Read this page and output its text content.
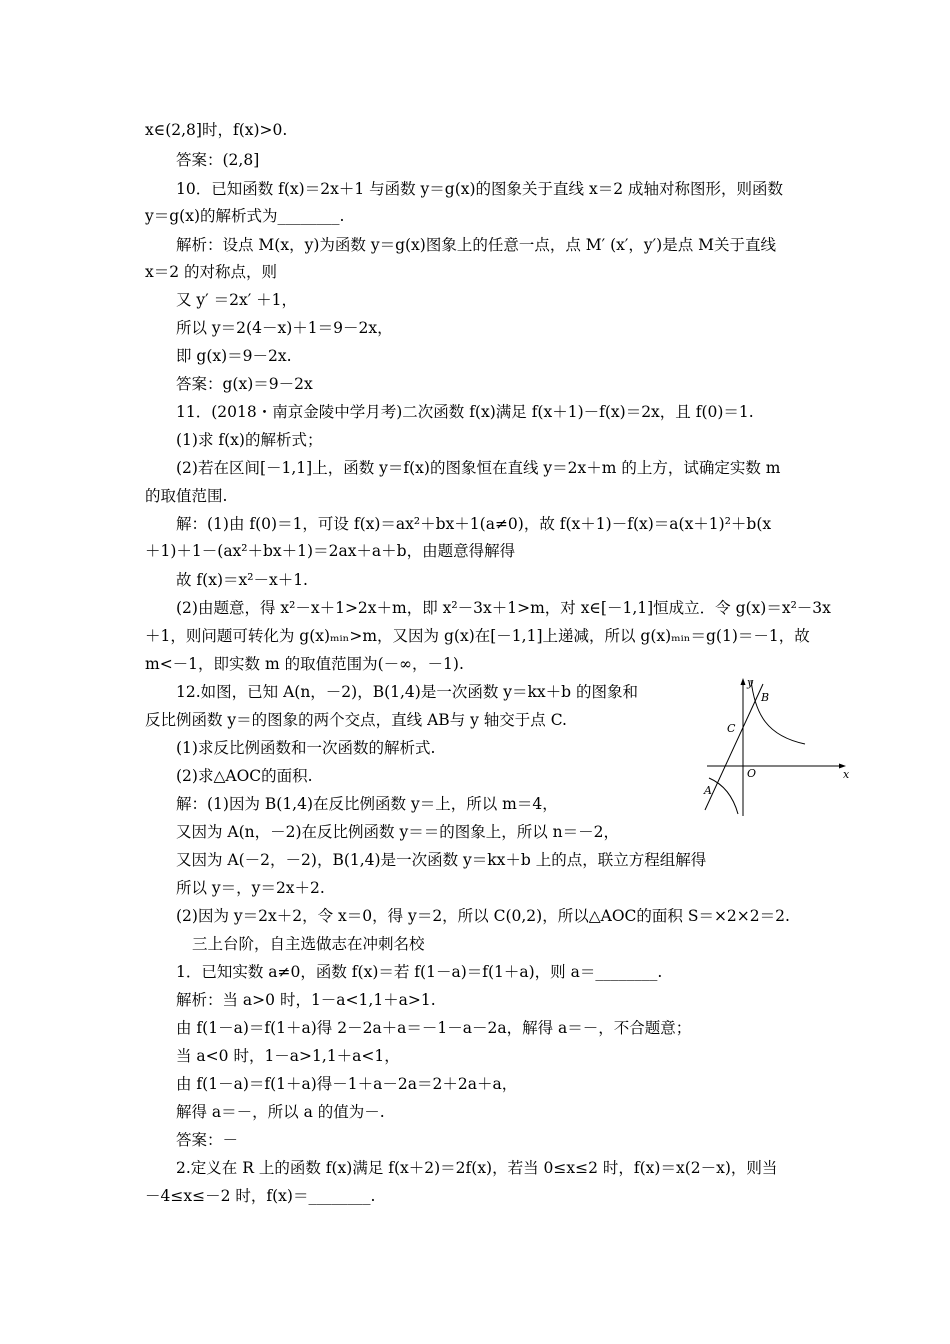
x∈(2,8]时，f(x)>0.
答案：(2,8]
10．已知函数 f(x)＝2x＋1 与函数 y＝g(x)的图象关于直线 x＝2 成轴对称图形，则函数
y＝g(x)的解析式为________.
解析：设点 M(x，y)为函数 y＝g(x)图象上的任意一点，点 M′ (x′，y′)是点 M关于直线
x＝2 的对称点，则
又 y′ ＝2x′ ＋1，
所以 y＝2(4－x)＋1＝9－2x，
即 g(x)＝9－2x.
答案：g(x)＝9－2x
11．(2018・南京金陵中学月考)二次函数 f(x)满足 f(x＋1)－f(x)＝2x，且 f(0)＝1.
(1)求 f(x)的解析式；
(2)若在区间[－1,1]上，函数 y＝f(x)的图象恒在直线 y＝2x＋m 的上方，试确定实数 m
的取值范围.
解：(1)由 f(0)＝1，可设 f(x)＝ax²＋bx＋1(a≠0)，故 f(x＋1)－f(x)＝a(x＋1)²＋b(x
＋1)＋1－(ax²＋bx＋1)＝2ax＋a＋b，由题意得解得
故 f(x)＝x²－x＋1.
(2)由题意，得 x²－x＋1>2x＋m，即 x²－3x＋1>m，对 x∈[－1,1]恒成立．令 g(x)＝x²－3x
＋1，则问题可转化为 g(x)ₘᵢₙ>m，又因为 g(x)在[－1,1]上递减，所以 g(x)ₘᵢₙ＝g(1)＝－1，故
m<－1，即实数 m 的取值范围为(－∞，－1).
12.如图，已知 A(n，－2)，B(1,4)是一次函数 y＝kx＋b 的图象和
反比例函数 y＝的图象的两个交点，直线 AB与 y 轴交于点 C.
(1)求反比例函数和一次函数的解析式.
(2)求△AOC的面积.
解：(1)因为 B(1,4)在反比例函数 y＝上，所以 m＝4，
又因为 A(n，－2)在反比例函数 y＝＝的图象上，所以 n＝－2，
又因为 A(－2，－2)，B(1,4)是一次函数 y＝kx＋b 上的点，联立方程组解得
所以 y＝，y＝2x＋2.
(2)因为 y＝2x＋2，令 x＝0，得 y＝2，所以 C(0,2)，所以△AOC的面积 S＝×2×2＝2.
三上台阶，自主选做志在冲刺名校
1．已知实数 a≠0，函数 f(x)＝若 f(1－a)＝f(1＋a)，则 a＝________.
解析：当 a>0 时，1－a<1,1＋a>1.
由 f(1－a)＝f(1＋a)得 2－2a＋a＝－1－a－2a，解得 a＝－，不合题意；
当 a<0 时，1－a>1,1＋a<1，
由 f(1－a)＝f(1＋a)得－1＋a－2a＝2＋2a＋a，
解得 a＝－，所以 a 的值为－.
答案：－
2.定义在 R 上的函数 f(x)满足 f(x＋2)＝2f(x)，若当 0≤x≤2 时，f(x)＝x(2－x)，则当
－4≤x≤－2 时，f(x)＝________.
y
x
B
C
O
A
